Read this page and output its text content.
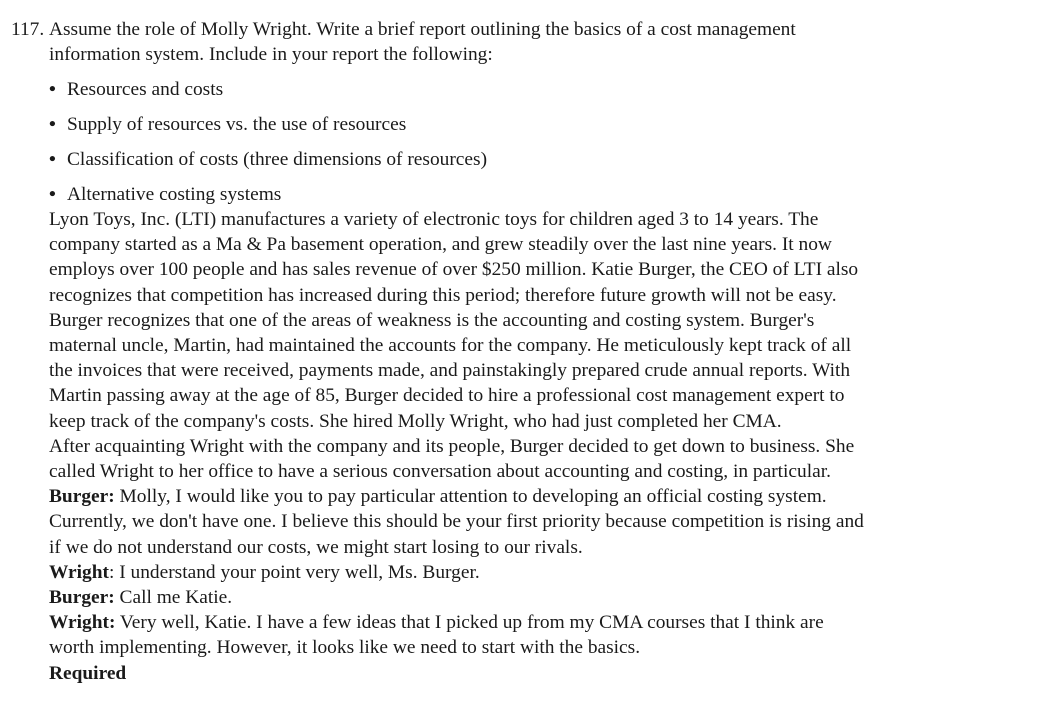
117. Assume the role of Molly Wright. Write a brief report outlining the basics of a cost management
information system. Include in your report the following:
• Resources and costs
• Supply of resources vs. the use of resources
• Classification of costs (three dimensions of resources)
• Alternative costing systems

Lyon Toys, Inc. (LTI) manufactures a variety of electronic toys for children aged 3 to 14 years. The
company started as a Ma & Pa basement operation, and grew steadily over the last nine years. It now
employs over 100 people and has sales revenue of over $250 million. Katie Burger, the CEO of LTI also
recognizes that competition has increased during this period; therefore future growth will not be easy.
Burger recognizes that one of the areas of weakness is the accounting and costing system. Burger's
maternal uncle, Martin, had maintained the accounts for the company. He meticulously kept track of all
the invoices that were received, payments made, and painstakingly prepared crude annual reports. With
Martin passing away at the age of 85, Burger decided to hire a professional cost management expert to
keep track of the company's costs. She hired Molly Wright, who had just completed her CMA.

After acquainting Wright with the company and its people, Burger decided to get down to business. She
called Wright to her office to have a serious conversation about accounting and costing, in particular.

Burger: Molly, I would like you to pay particular attention to developing an official costing system.
Currently, we don't have one. I believe this should be your first priority because competition is rising and
if we do not understand our costs, we might start losing to our rivals.

Wright: I understand your point very well, Ms. Burger.

Burger: Call me Katie.

Wright: Very well, Katie. I have a few ideas that I picked up from my CMA courses that I think are
worth implementing. However, it looks like we need to start with the basics.

Required
